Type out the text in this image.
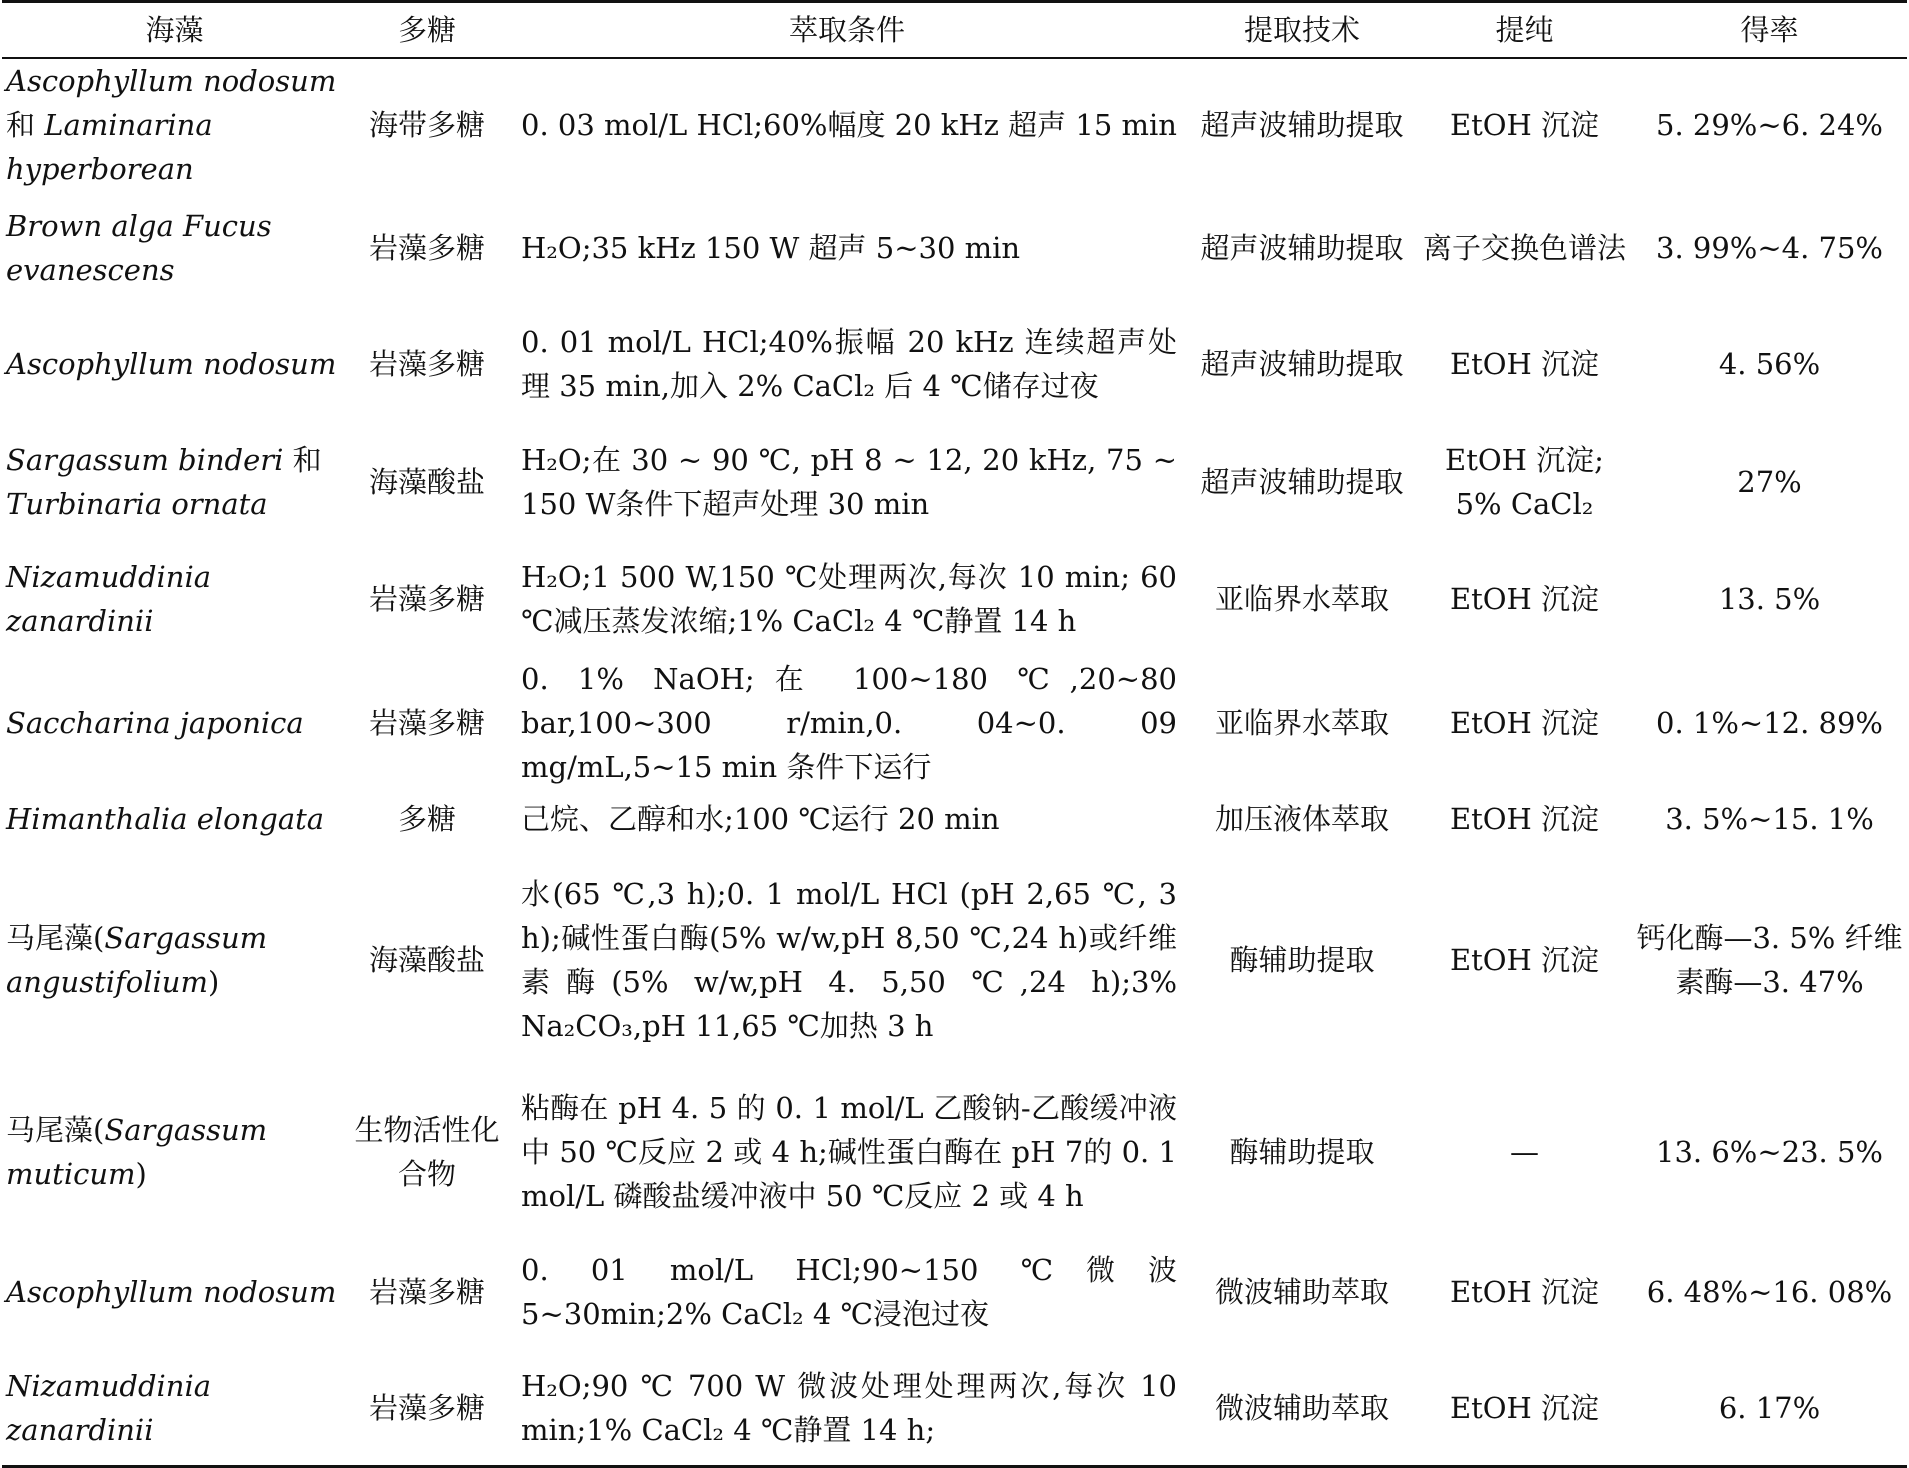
海藻	多糖	萃取条件	提取技术	提纯	得率
Ascophyllum nodosum 和 Laminarina hyperborean	海带多糖	0. 03 mol/L HCl;60%幅度 20 kHz 超声 15 min	超声波辅助提取	EtOH 沉淀	5. 29%~6. 24%
Brown alga Fucus evanescens	岩藻多糖	H₂O;35 kHz 150 W 超声 5~30 min	超声波辅助提取	离子交换色谱法	3. 99%~4. 75%
Ascophyllum nodosum	岩藻多糖	0. 01 mol/L HCl;40%振幅 20 kHz 连续超声处理 35 min,加入 2% CaCl₂ 后 4 ℃储存过夜	超声波辅助提取	EtOH 沉淀	4. 56%
Sargassum binderi 和 Turbinaria ornata	海藻酸盐	H₂O;在 30 ~ 90 ℃, pH 8 ~ 12, 20 kHz, 75 ~ 150 W条件下超声处理 30 min	超声波辅助提取	EtOH 沉淀; 5% CaCl₂	27%
Nizamuddinia zanardinii	岩藻多糖	H₂O;1 500 W,150 ℃处理两次,每次 10 min; 60 ℃减压蒸发浓缩;1% CaCl₂ 4 ℃静置 14 h	亚临界水萃取	EtOH 沉淀	13. 5%
Saccharina japonica	岩藻多糖	0. 1% NaOH;在 100~180 ℃,20~80 bar,100~300 r/min,0. 04~0. 09 mg/mL,5~15 min 条件下运行	亚临界水萃取	EtOH 沉淀	0. 1%~12. 89%
Himanthalia elongata	多糖	己烷、乙醇和水;100 ℃运行 20 min	加压液体萃取	EtOH 沉淀	3. 5%~15. 1%
马尾藻(Sargassum angustifolium)	海藻酸盐	水(65 ℃,3 h);0. 1 mol/L HCl (pH 2,65 ℃, 3 h);碱性蛋白酶(5% w/w,pH 8,50 ℃,24 h)或纤维素酶(5% w/w,pH 4. 5,50 ℃,24 h);3% Na₂CO₃,pH 11,65 ℃加热 3 h	酶辅助提取	EtOH 沉淀	钙化酶—3. 5% 纤维素酶—3. 47%
马尾藻(Sargassum muticum)	生物活性化合物	粘酶在 pH 4. 5 的 0. 1 mol/L 乙酸钠-乙酸缓冲液中 50 ℃反应 2 或 4 h;碱性蛋白酶在 pH 7的 0. 1 mol/L 磷酸盐缓冲液中 50 ℃反应 2 或 4 h	酶辅助提取	—	13. 6%~23. 5%
Ascophyllum nodosum	岩藻多糖	0. 01 mol/L HCl;90~150 ℃微波 5~30min;2% CaCl₂ 4 ℃浸泡过夜	微波辅助萃取	EtOH 沉淀	6. 48%~16. 08%
Nizamuddinia zanardinii	岩藻多糖	H₂O;90 ℃ 700 W 微波处理处理两次,每次 10 min;1% CaCl₂ 4 ℃静置 14 h;	微波辅助萃取	EtOH 沉淀	6. 17%
